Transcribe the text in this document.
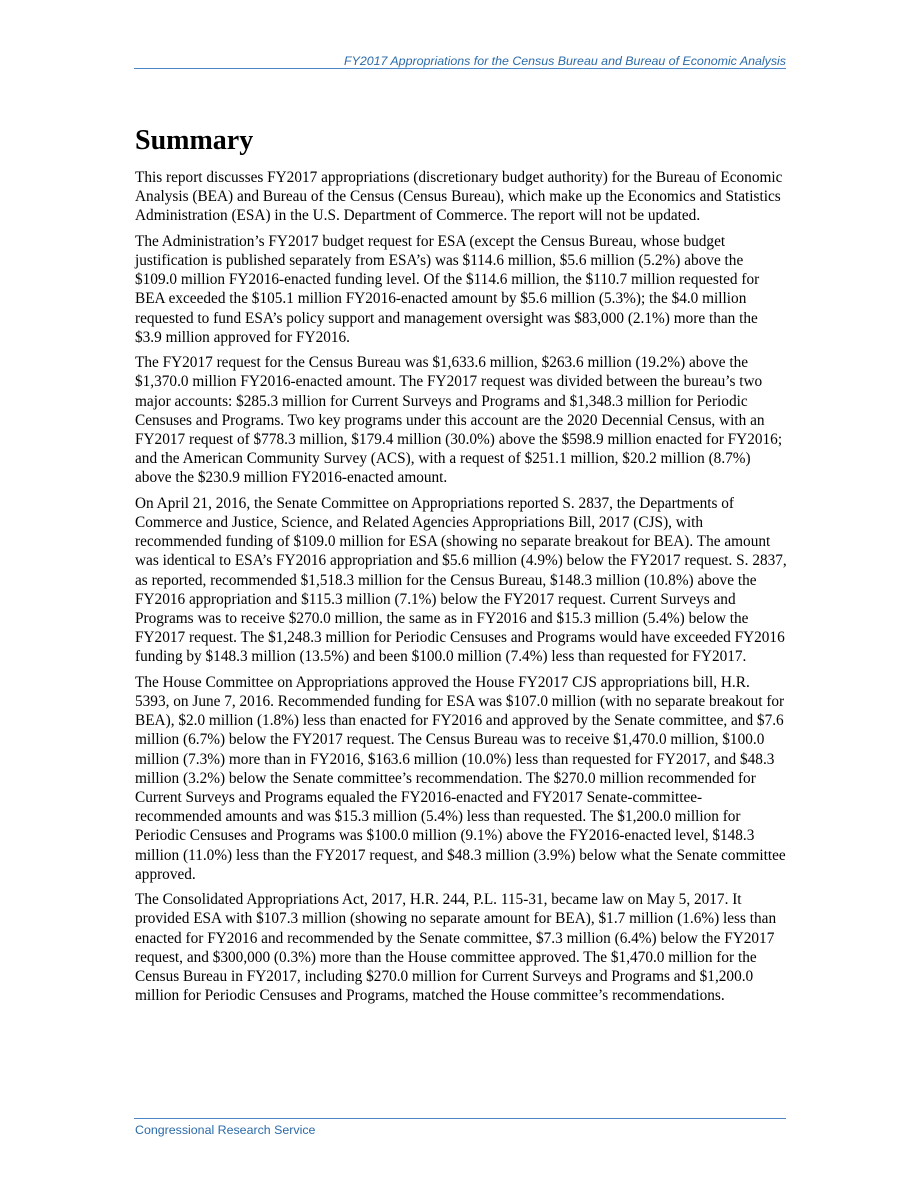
FY2017 Appropriations for the Census Bureau and Bureau of Economic Analysis
Summary

This report discusses FY2017 appropriations (discretionary budget authority) for the Bureau of Economic Analysis (BEA) and Bureau of the Census (Census Bureau), which make up the Economics and Statistics Administration (ESA) in the U.S. Department of Commerce. The report will not be updated.

The Administration’s FY2017 budget request for ESA (except the Census Bureau, whose budget justification is published separately from ESA’s) was $114.6 million, $5.6 million (5.2%) above the $109.0 million FY2016-enacted funding level. Of the $114.6 million, the $110.7 million requested for BEA exceeded the $105.1 million FY2016-enacted amount by $5.6 million (5.3%); the $4.0 million requested to fund ESA’s policy support and management oversight was $83,000 (2.1%) more than the $3.9 million approved for FY2016.

The FY2017 request for the Census Bureau was $1,633.6 million, $263.6 million (19.2%) above the $1,370.0 million FY2016-enacted amount. The FY2017 request was divided between the bureau’s two major accounts: $285.3 million for Current Surveys and Programs and $1,348.3 million for Periodic Censuses and Programs. Two key programs under this account are the 2020 Decennial Census, with an FY2017 request of $778.3 million, $179.4 million (30.0%) above the $598.9 million enacted for FY2016; and the American Community Survey (ACS), with a request of $251.1 million, $20.2 million (8.7%) above the $230.9 million FY2016-enacted amount.

On April 21, 2016, the Senate Committee on Appropriations reported S. 2837, the Departments of Commerce and Justice, Science, and Related Agencies Appropriations Bill, 2017 (CJS), with recommended funding of $109.0 million for ESA (showing no separate breakout for BEA). The amount was identical to ESA’s FY2016 appropriation and $5.6 million (4.9%) below the FY2017 request. S. 2837, as reported, recommended $1,518.3 million for the Census Bureau, $148.3 million (10.8%) above the FY2016 appropriation and $115.3 million (7.1%) below the FY2017 request. Current Surveys and Programs was to receive $270.0 million, the same as in FY2016 and $15.3 million (5.4%) below the FY2017 request. The $1,248.3 million for Periodic Censuses and Programs would have exceeded FY2016 funding by $148.3 million (13.5%) and been $100.0 million (7.4%) less than requested for FY2017.

The House Committee on Appropriations approved the House FY2017 CJS appropriations bill, H.R. 5393, on June 7, 2016. Recommended funding for ESA was $107.0 million (with no separate breakout for BEA), $2.0 million (1.8%) less than enacted for FY2016 and approved by the Senate committee, and $7.6 million (6.7%) below the FY2017 request. The Census Bureau was to receive $1,470.0 million, $100.0 million (7.3%) more than in FY2016, $163.6 million (10.0%) less than requested for FY2017, and $48.3 million (3.2%) below the Senate committee’s recommendation. The $270.0 million recommended for Current Surveys and Programs equaled the FY2016-enacted and FY2017 Senate-committee-recommended amounts and was $15.3 million (5.4%) less than requested. The $1,200.0 million for Periodic Censuses and Programs was $100.0 million (9.1%) above the FY2016-enacted level, $148.3 million (11.0%) less than the FY2017 request, and $48.3 million (3.9%) below what the Senate committee approved.

The Consolidated Appropriations Act, 2017, H.R. 244, P.L. 115-31, became law on May 5, 2017. It provided ESA with $107.3 million (showing no separate amount for BEA), $1.7 million (1.6%) less than enacted for FY2016 and recommended by the Senate committee, $7.3 million (6.4%) below the FY2017 request, and $300,000 (0.3%) more than the House committee approved. The $1,470.0 million for the Census Bureau in FY2017, including $270.0 million for Current Surveys and Programs and $1,200.0 million for Periodic Censuses and Programs, matched the House committee’s recommendations.

Congressional Research Service
